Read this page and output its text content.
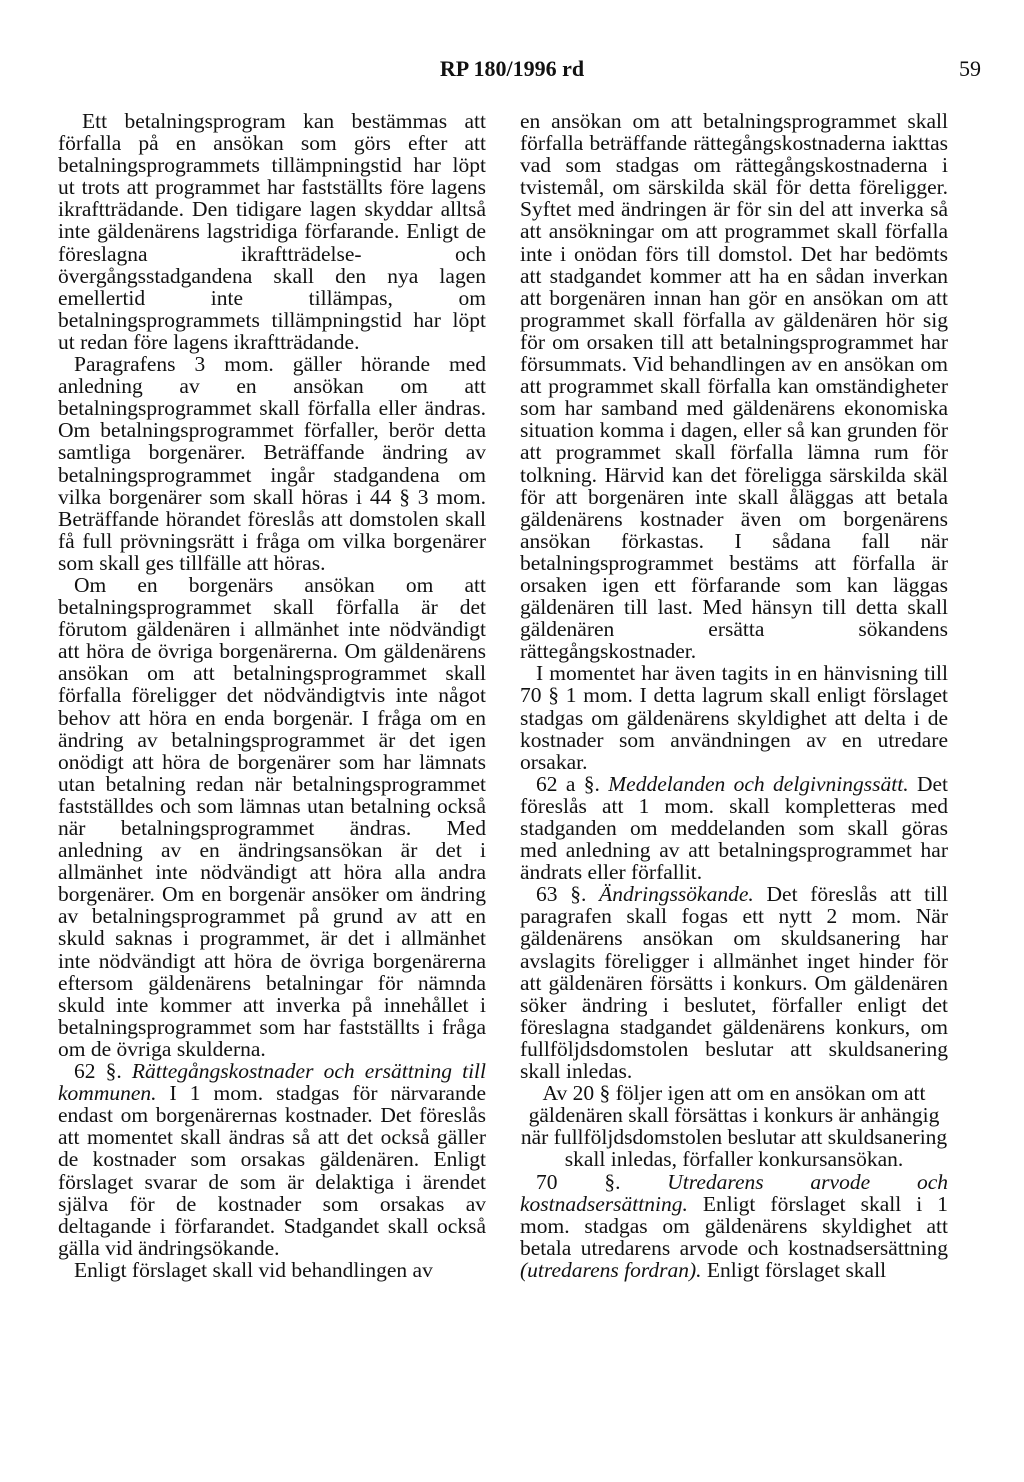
RP 180/1996 rd	59

Ett betalningsprogram kan bestämmas att förfalla på en ansökan som görs efter att betalningsprogrammets tillämpningstid har löpt ut trots att programmet har fastställts före lagens ikraftträdande. Den tidigare lagen skyddar alltså inte gäldenärens lagstridiga förfarande. Enligt de föreslagna ikraftträdelse- och övergångsstadgandena skall den nya lagen emellertid inte tillämpas, om betalningsprogrammets tillämpningstid har löpt ut redan före lagens ikraftträdande.

Paragrafens 3 mom. gäller hörande med anledning av en ansökan om att betalningsprogrammet skall förfalla eller ändras. Om betalningsprogrammet förfaller, berör detta samtliga borgenärer. Beträffande ändring av betalningsprogrammet ingår stadgandena om vilka borgenärer som skall höras i 44 § 3 mom. Beträffande hörandet föreslås att domstolen skall få full prövningsrätt i fråga om vilka borgenärer som skall ges tillfälle att höras.

Om en borgenärs ansökan om att betalningsprogrammet skall förfalla är det förutom gäldenären i allmänhet inte nödvändigt att höra de övriga borgenärerna. Om gäldenärens ansökan om att betalningsprogrammet skall förfalla föreligger det nödvändigtvis inte något behov att höra en enda borgenär. I fråga om en ändring av betalningsprogrammet är det igen onödigt att höra de borgenärer som har lämnats utan betalning redan när betalningsprogrammet fastställdes och som lämnas utan betalning också när betalningsprogrammet ändras. Med anledning av en ändringsansökan är det i allmänhet inte nödvändigt att höra alla andra borgenärer. Om en borgenär ansöker om ändring av betalningsprogrammet på grund av att en skuld saknas i programmet, är det i allmänhet inte nödvändigt att höra de övriga borgenärerna eftersom gäldenärens betalningar för nämnda skuld inte kommer att inverka på innehållet i betalningsprogrammet som har fastställts i fråga om de övriga skulderna.

62 §. Rättegångskostnader och ersättning till kommunen. I 1 mom. stadgas för närvarande endast om borgenärernas kostnader. Det föreslås att momentet skall ändras så att det också gäller de kostnader som orsakas gäldenären. Enligt förslaget svarar de som är delaktiga i ärendet själva för de kostnader som orsakas av deltagande i förfarandet. Stadgandet skall också gälla vid ändringsökande.

Enligt förslaget skall vid behandlingen av

en ansökan om att betalningsprogrammet skall förfalla beträffande rättegångskostnaderna iakttas vad som stadgas om rättegångskostnaderna i tvistemål, om särskilda skäl för detta föreligger. Syftet med ändringen är för sin del att inverka så att ansökningar om att programmet skall förfalla inte i onödan förs till domstol. Det har bedömts att stadgandet kommer att ha en sådan inverkan att borgenären innan han gör en ansökan om att programmet skall förfalla av gäldenären hör sig för om orsaken till att betalningsprogrammet har försummats. Vid behandlingen av en ansökan om att programmet skall förfalla kan omständigheter som har samband med gäldenärens ekonomiska situation komma i dagen, eller så kan grunden för att programmet skall förfalla lämna rum för tolkning. Härvid kan det föreligga särskilda skäl för att borgenären inte skall åläggas att betala gäldenärens kostnader även om borgenärens ansökan förkastas. I sådana fall när betalningsprogrammet bestäms att förfalla är orsaken igen ett förfarande som kan läggas gäldenären till last. Med hänsyn till detta skall gäldenären ersätta sökandens rättegångskostnader.

I momentet har även tagits in en hänvisning till 70 § 1 mom. I detta lagrum skall enligt förslaget stadgas om gäldenärens skyldighet att delta i de kostnader som användningen av en utredare orsakar.

62 a §. Meddelanden och delgivningssätt. Det föreslås att 1 mom. skall kompletteras med stadganden om meddelanden som skall göras med anledning av att betalningsprogrammet har ändrats eller förfallit.

63 §. Ändringssökande. Det föreslås att till paragrafen skall fogas ett nytt 2 mom. När gäldenärens ansökan om skuldsanering har avslagits föreligger i allmänhet inget hinder för att gäldenären försätts i konkurs. Om gäldenären söker ändring i beslutet, förfaller enligt det föreslagna stadgandet gäldenärens konkurs, om fullföljdsdomstolen beslutar att skuldsanering skall inledas.

Av 20 § följer igen att om en ansökan om att gäldenären skall försättas i konkurs är anhängig när fullföljdsdomstolen beslutar att skuldsanering skall inledas, förfaller konkursansökan.

70 §. Utredarens arvode och kostnadsersättning. Enligt förslaget skall i 1 mom. stadgas om gäldenärens skyldighet att betala utredarens arvode och kostnadsersättning (utredarens fordran). Enligt förslaget skall
